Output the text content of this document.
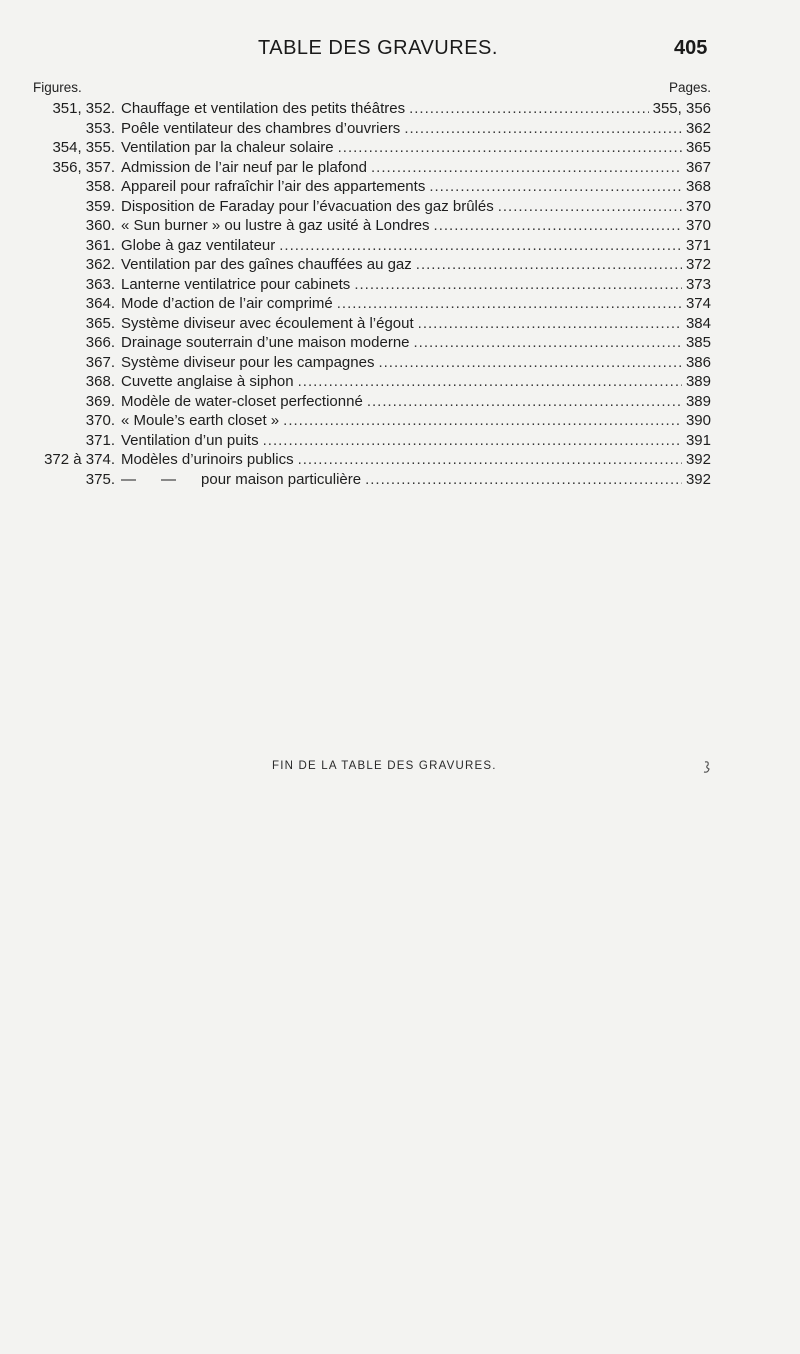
TABLE DES GRAVURES.	405
Figures.	Pages.
351, 352. Chauffage et ventilation des petits théâtres .....	355, 356
353. Poêle ventilateur des chambres d’ouvriers .....	362
354, 355. Ventilation par la chaleur solaire .....	365
356, 357. Admission de l’air neuf par le plafond .....	367
358. Appareil pour rafraîchir l’air des appartements .....	368
359. Disposition de Faraday pour l’évacuation des gaz brûlés .....	370
360. « Sun burner » ou lustre à gaz usité à Londres .....	370
361. Globe à gaz ventilateur .....	371
362. Ventilation par des gaînes chauffées au gaz .....	372
363. Lanterne ventilatrice pour cabinets .....	373
364. Mode d’action de l’air comprimé .....	374
365. Système diviseur avec écoulement à l’égout .....	384
366. Drainage souterrain d’une maison moderne .....	385
367. Système diviseur pour les campagnes .....	386
368. Cuvette anglaise à siphon .....	389
369. Modèle de water-closet perfectionné .....	389
370. « Moule’s earth closet » .....	390
371. Ventilation d’un puits .....	391
372 à 374. Modèles d’urinoirs publics .....	392
375. —      —      pour maison particulière .....	392
FIN DE LA TABLE DES GRAVURES.
